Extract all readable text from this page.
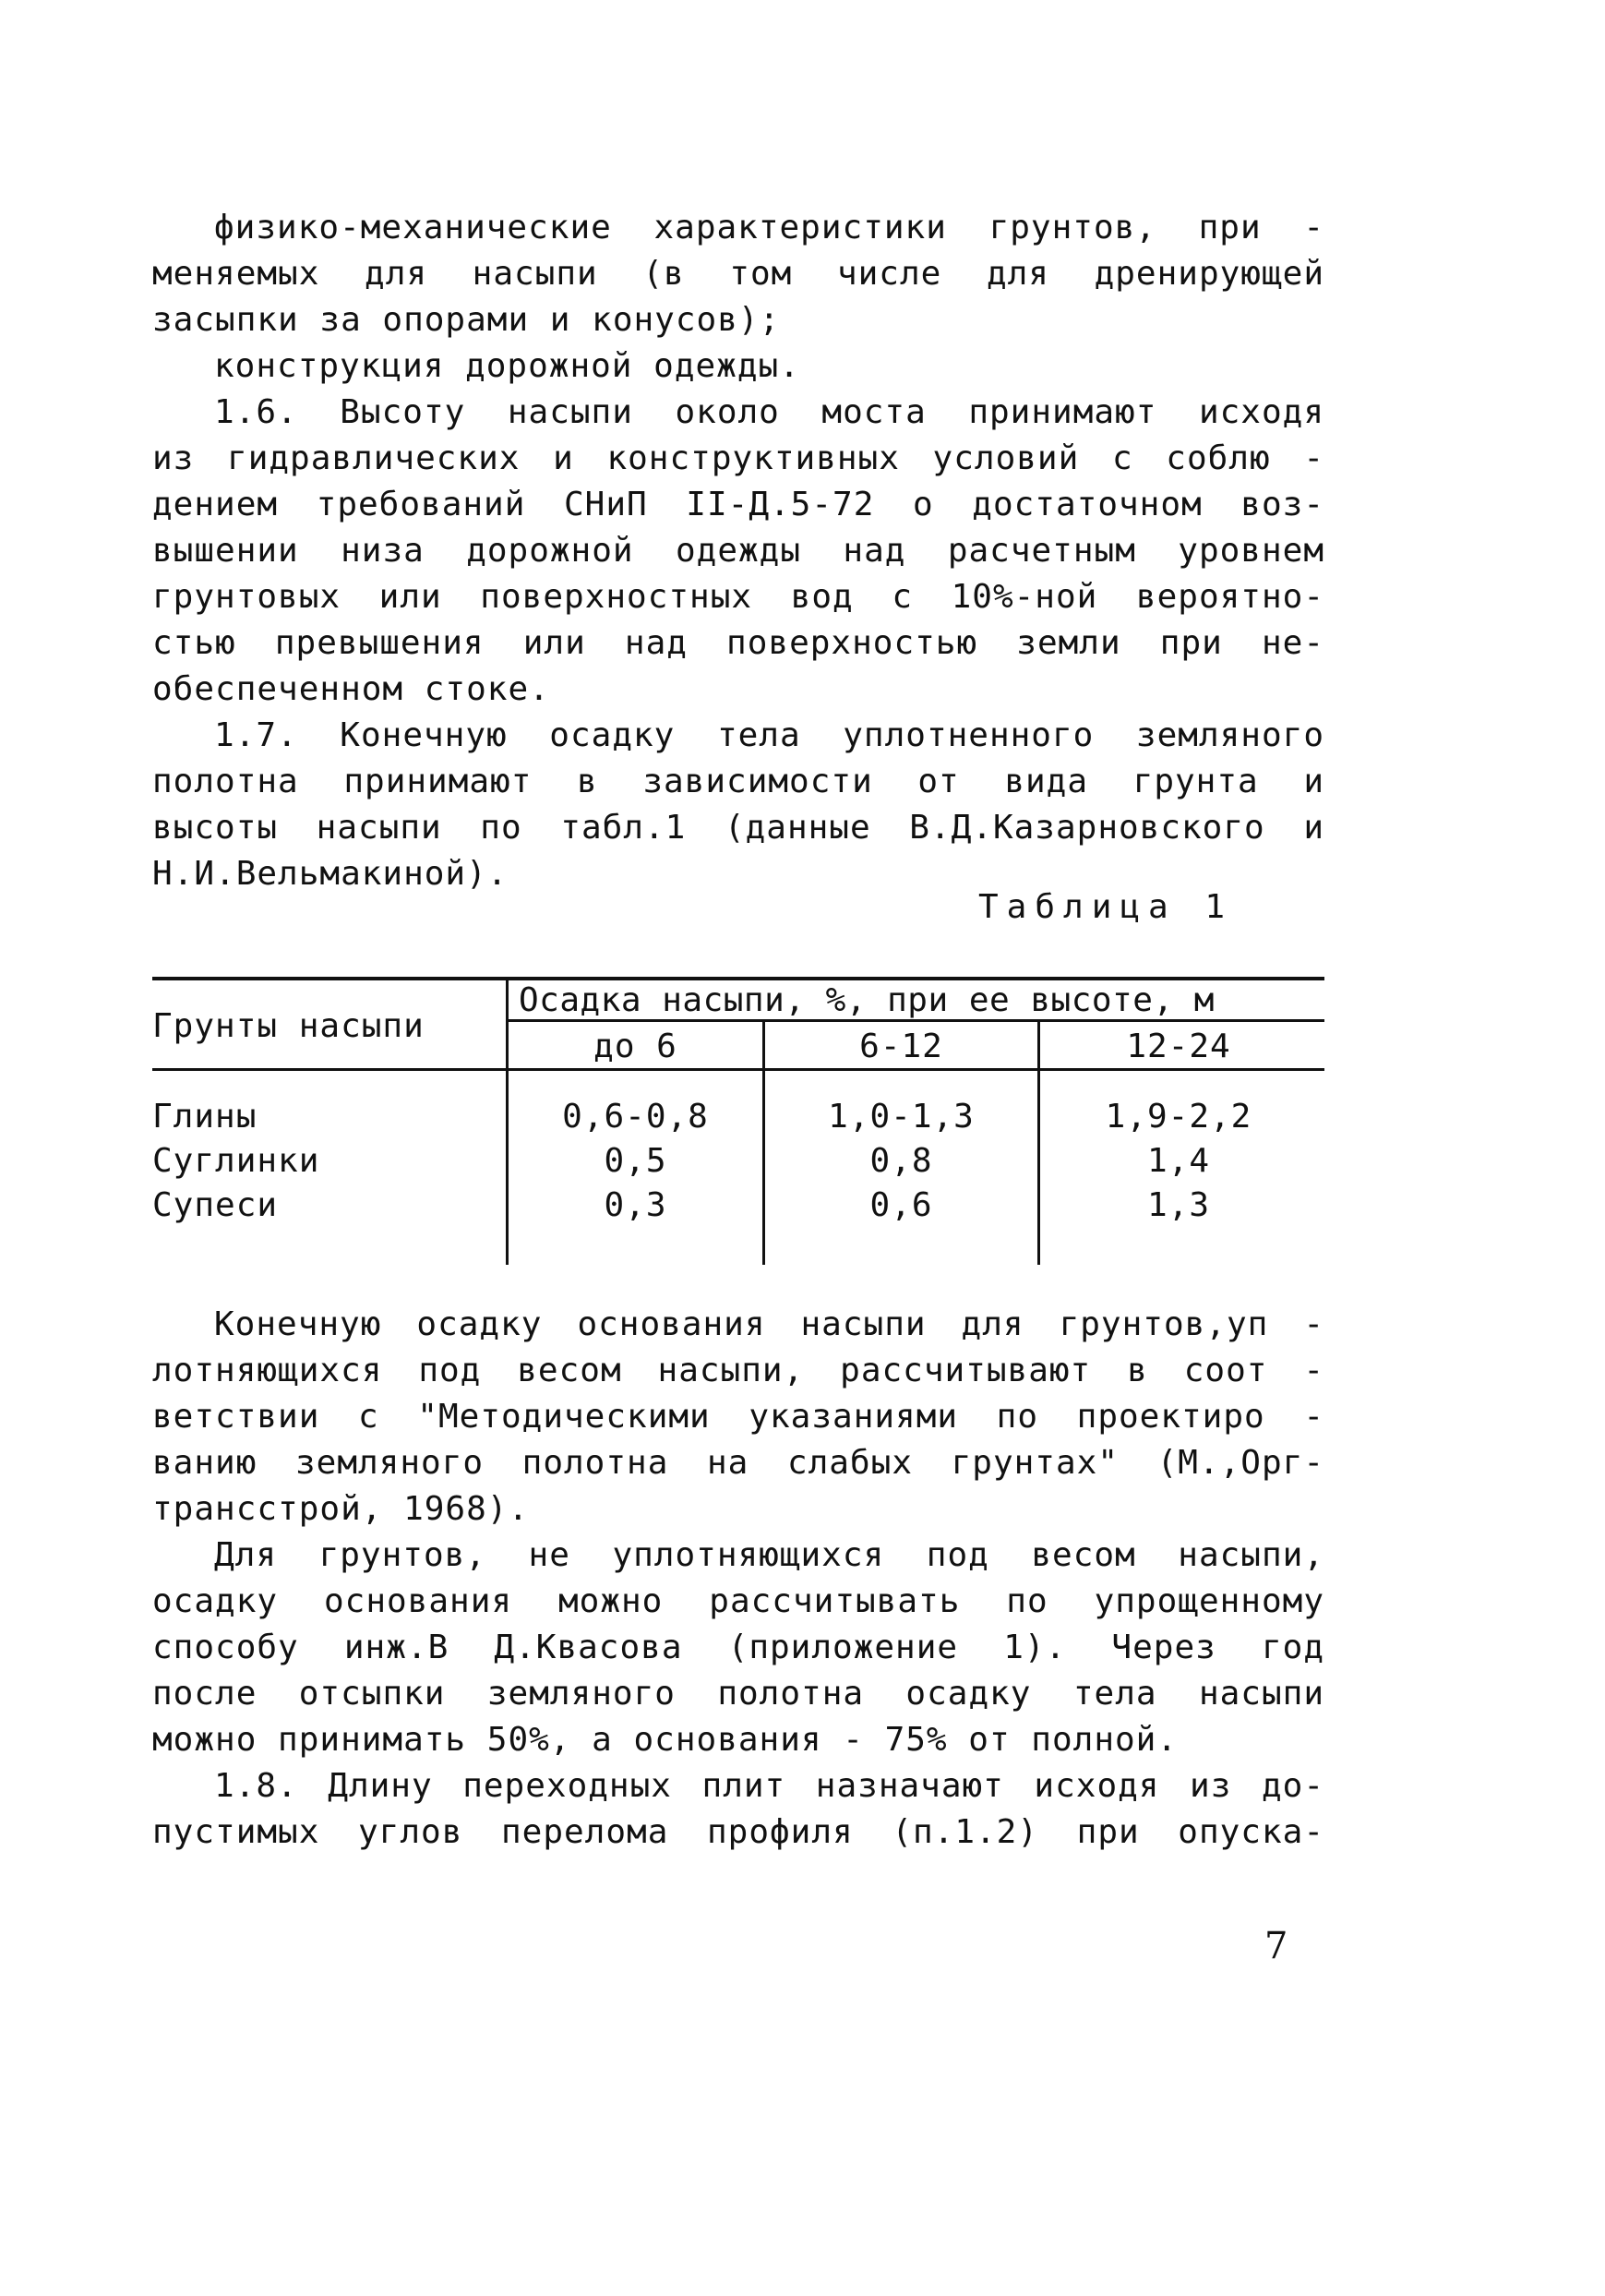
физико-механические характеристики грунтов, при -
меняемых для насыпи (в том числе для дренирующей
засыпки за опорами и конусов);
конструкция дорожной одежды.
1.6. Высоту насыпи около моста принимают исходя
из гидравлических и конструктивных условий с соблю -
дением требований СНиП II-Д.5-72 о достаточном воз-
вышении низа дорожной одежды над расчетным уровнем
грунтовых или поверхностных вод с 10%-ной вероятно-
стью превышения или над поверхностью земли при не-
обеспеченном стоке.
1.7. Конечную осадку тела уплотненного земляного
полотна принимают в зависимости от вида грунта и
высоты насыпи по табл.1 (данные В.Д.Казарновского и
Н.И.Вельмакиной).
Таблица 1
Грунты насыпи
Осадка насыпи, %, при ее высоте, м
до 6	6-12	12-24
Глины	0,6-0,8	1,0-1,3	1,9-2,2
Суглинки	0,5	0,8	1,4
Супеси	0,3	0,6	1,3
Конечную осадку основания насыпи для грунтов,уп -
лотняющихся под весом насыпи, рассчитывают в соот -
ветствии с "Методическими указаниями по проектиро -
ванию земляного полотна на слабых грунтах" (М.,Орг-
трансстрой, 1968).
Для грунтов, не уплотняющихся под весом насыпи,
осадку основания можно рассчитывать по упрощенному
способу инж.В Д.Квасова (приложение 1). Через год
после отсыпки земляного полотна осадку тела насыпи
можно принимать 50%, а основания - 75% от полной.
1.8. Длину переходных плит назначают исходя из до-
пустимых углов перелома профиля (п.1.2) при опуска-
7
